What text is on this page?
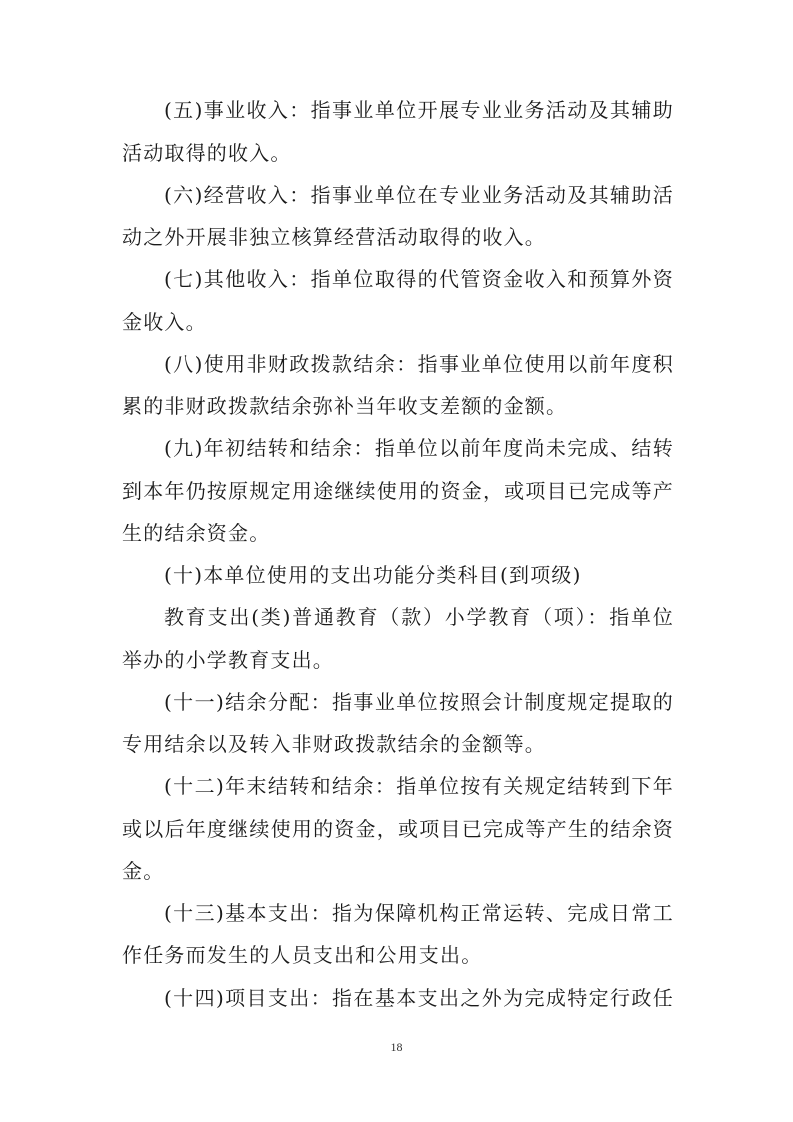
(五)事业收入：指事业单位开展专业业务活动及其辅助
活动取得的收入。
(六)经营收入：指事业单位在专业业务活动及其辅助活
动之外开展非独立核算经营活动取得的收入。
(七)其他收入：指单位取得的代管资金收入和预算外资
金收入。
(八)使用非财政拨款结余：指事业单位使用以前年度积
累的非财政拨款结余弥补当年收支差额的金额。
(九)年初结转和结余：指单位以前年度尚未完成、结转
到本年仍按原规定用途继续使用的资金，或项目已完成等产
生的结余资金。
(十)本单位使用的支出功能分类科目(到项级)
教育支出(类)普通教育（款）小学教育（项）：指单位
举办的小学教育支出。
(十一)结余分配：指事业单位按照会计制度规定提取的
专用结余以及转入非财政拨款结余的金额等。
(十二)年末结转和结余：指单位按有关规定结转到下年
或以后年度继续使用的资金，或项目已完成等产生的结余资
金。
(十三)基本支出：指为保障机构正常运转、完成日常工
作任务而发生的人员支出和公用支出。
(十四)项目支出：指在基本支出之外为完成特定行政任
18
